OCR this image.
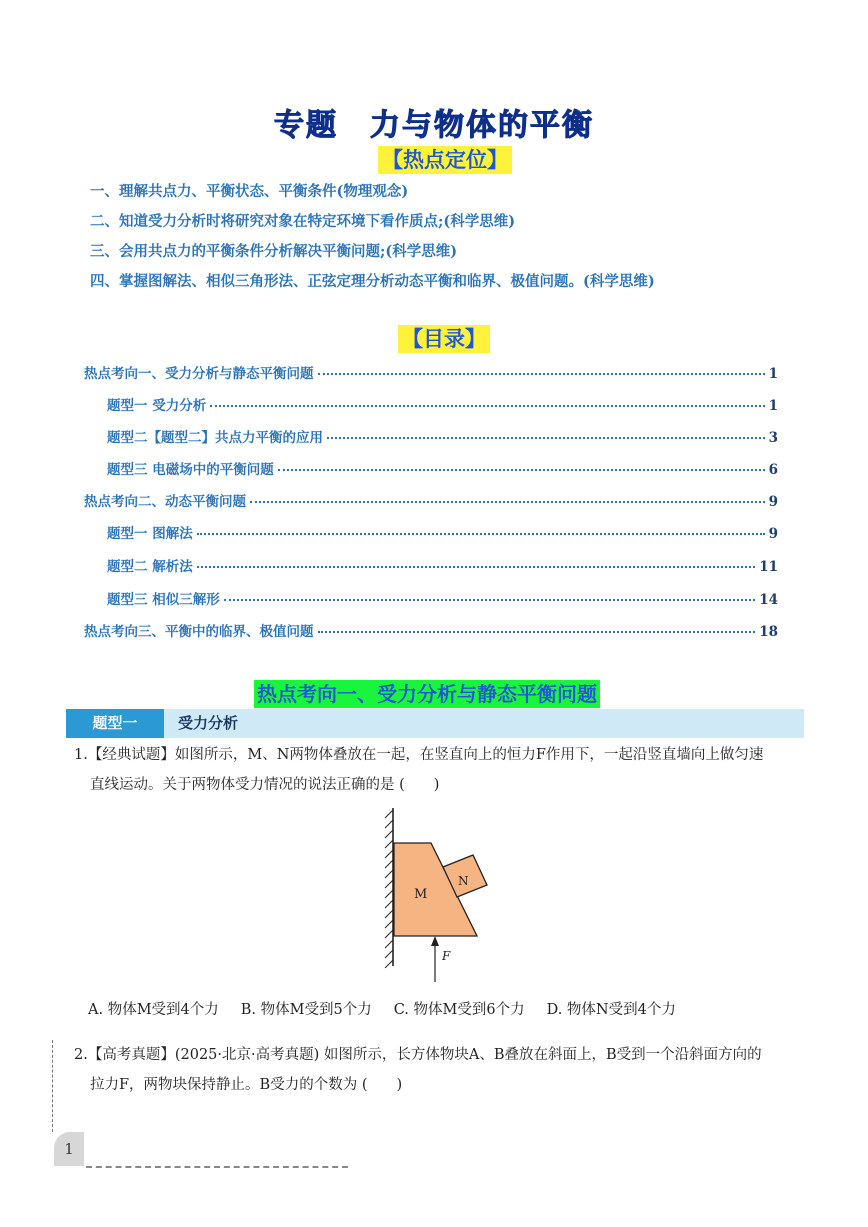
专题　力与物体的平衡
【热点定位】
一、理解共点力、平衡状态、平衡条件(物理观念)
二、知道受力分析时将研究对象在特定环境下看作质点;(科学思维)
三、会用共点力的平衡条件分析解决平衡问题;(科学思维)
四、掌握图解法、相似三角形法、正弦定理分析动态平衡和临界、极值问题。(科学思维)
【目录】
热点考向一、受力分析与静态平衡问题	1
题型一 受力分析	1
题型二【题型二】共点力平衡的应用	3
题型三 电磁场中的平衡问题	6
热点考向二、动态平衡问题	9
题型一 图解法	9
题型二 解析法	11
题型三 相似三解形	14
热点考向三、平衡中的临界、极值问题	18
热点考向一、受力分析与静态平衡问题
题型一	受力分析
1.【经典试题】如图所示，M、N两物体叠放在一起，在竖直向上的恒力F作用下，一起沿竖直墙向上做匀速
直线运动。关于两物体受力情况的说法正确的是 (　　)
M
N
F
A. 物体M受到4个力 B. 物体M受到5个力 C. 物体M受到6个力 D. 物体N受到4个力
2.【高考真题】(2025·北京·高考真题) 如图所示，长方体物块A、B叠放在斜面上，B受到一个沿斜面方向的
拉力F，两物块保持静止。B受力的个数为 (　　)
1
